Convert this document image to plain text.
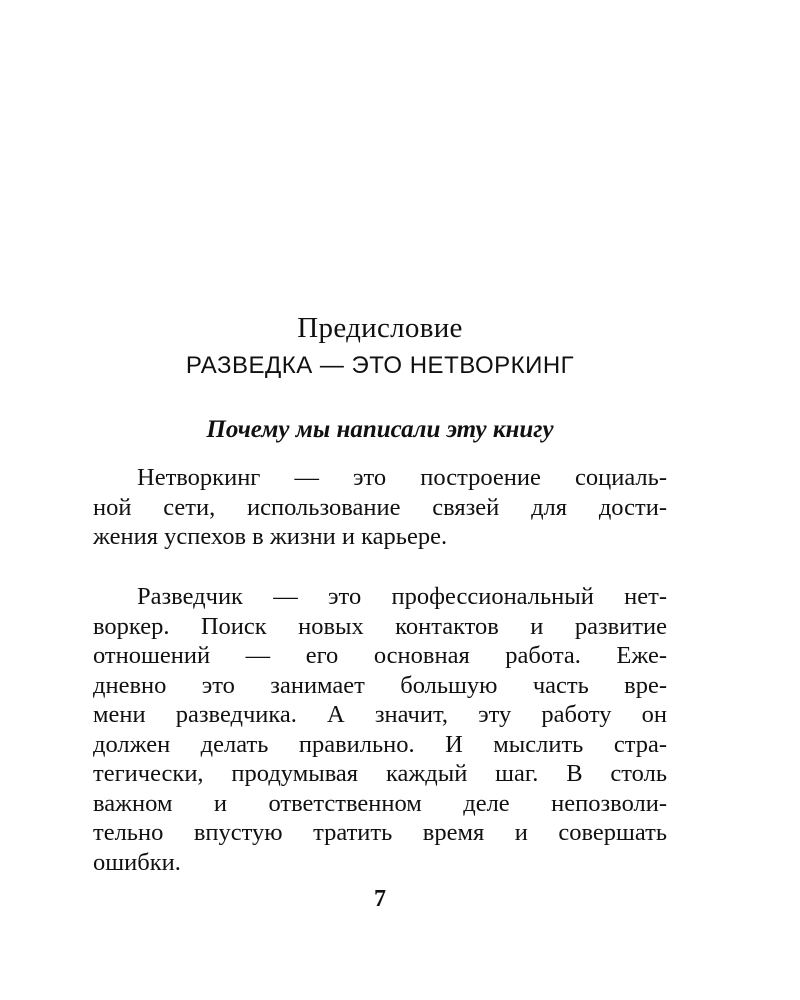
Предисловие
РАЗВЕДКА — ЭТО НЕТВОРКИНГ
Почему мы написали эту книгу
Нетворкинг — это построение социаль-
ной сети, использование связей для дости-
жения успехов в жизни и карьере.
Разведчик — это профессиональный нет-
воркер. Поиск новых контактов и развитие
отношений — его основная работа. Еже-
дневно это занимает большую часть вре-
мени разведчика. А значит, эту работу он
должен делать правильно. И мыслить стра-
тегически, продумывая каждый шаг. В столь
важном и ответственном деле непозволи-
тельно впустую тратить время и совершать
ошибки.
7
